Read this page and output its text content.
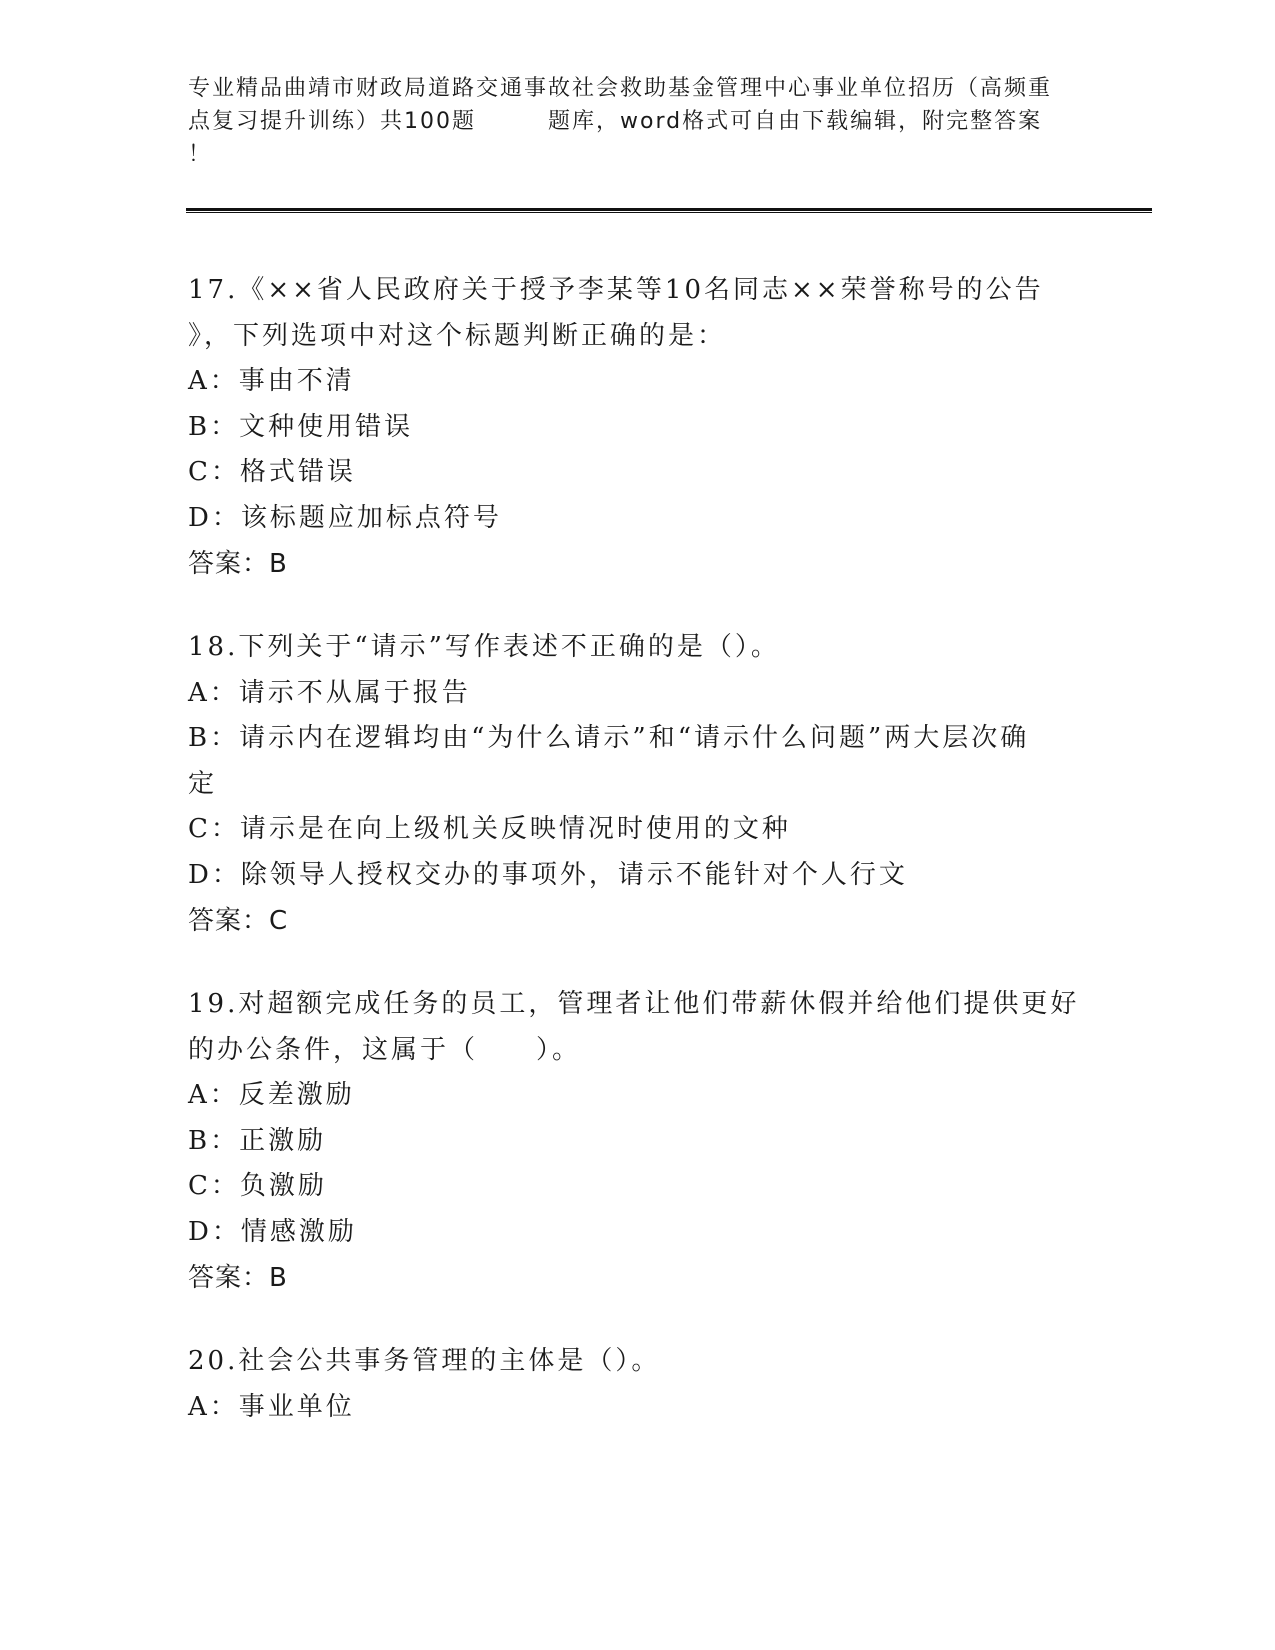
专业精品曲靖市财政局道路交通事故社会救助基金管理中心事业单位招历（高频重
点复习提升训练）共100题	题库，word格式可自由下载编辑，附完整答案
！
17.《××省人民政府关于授予李某等10名同志××荣誉称号的公告
》，下列选项中对这个标题判断正确的是：
A：事由不清
B：文种使用错误
C：格式错误
D：该标题应加标点符号
答案：B
18.下列关于“请示”写作表述不正确的是（）。
A：请示不从属于报告
B：请示内在逻辑均由“为什么请示”和“请示什么问题”两大层次确
定
C：请示是在向上级机关反映情况时使用的文种
D：除领导人授权交办的事项外，请示不能针对个人行文
答案：C
19.对超额完成任务的员工，管理者让他们带薪休假并给他们提供更好
的办公条件，这属于（　　）。
A：反差激励
B：正激励
C：负激励
D：情感激励
答案：B
20.社会公共事务管理的主体是（）。
A：事业单位
